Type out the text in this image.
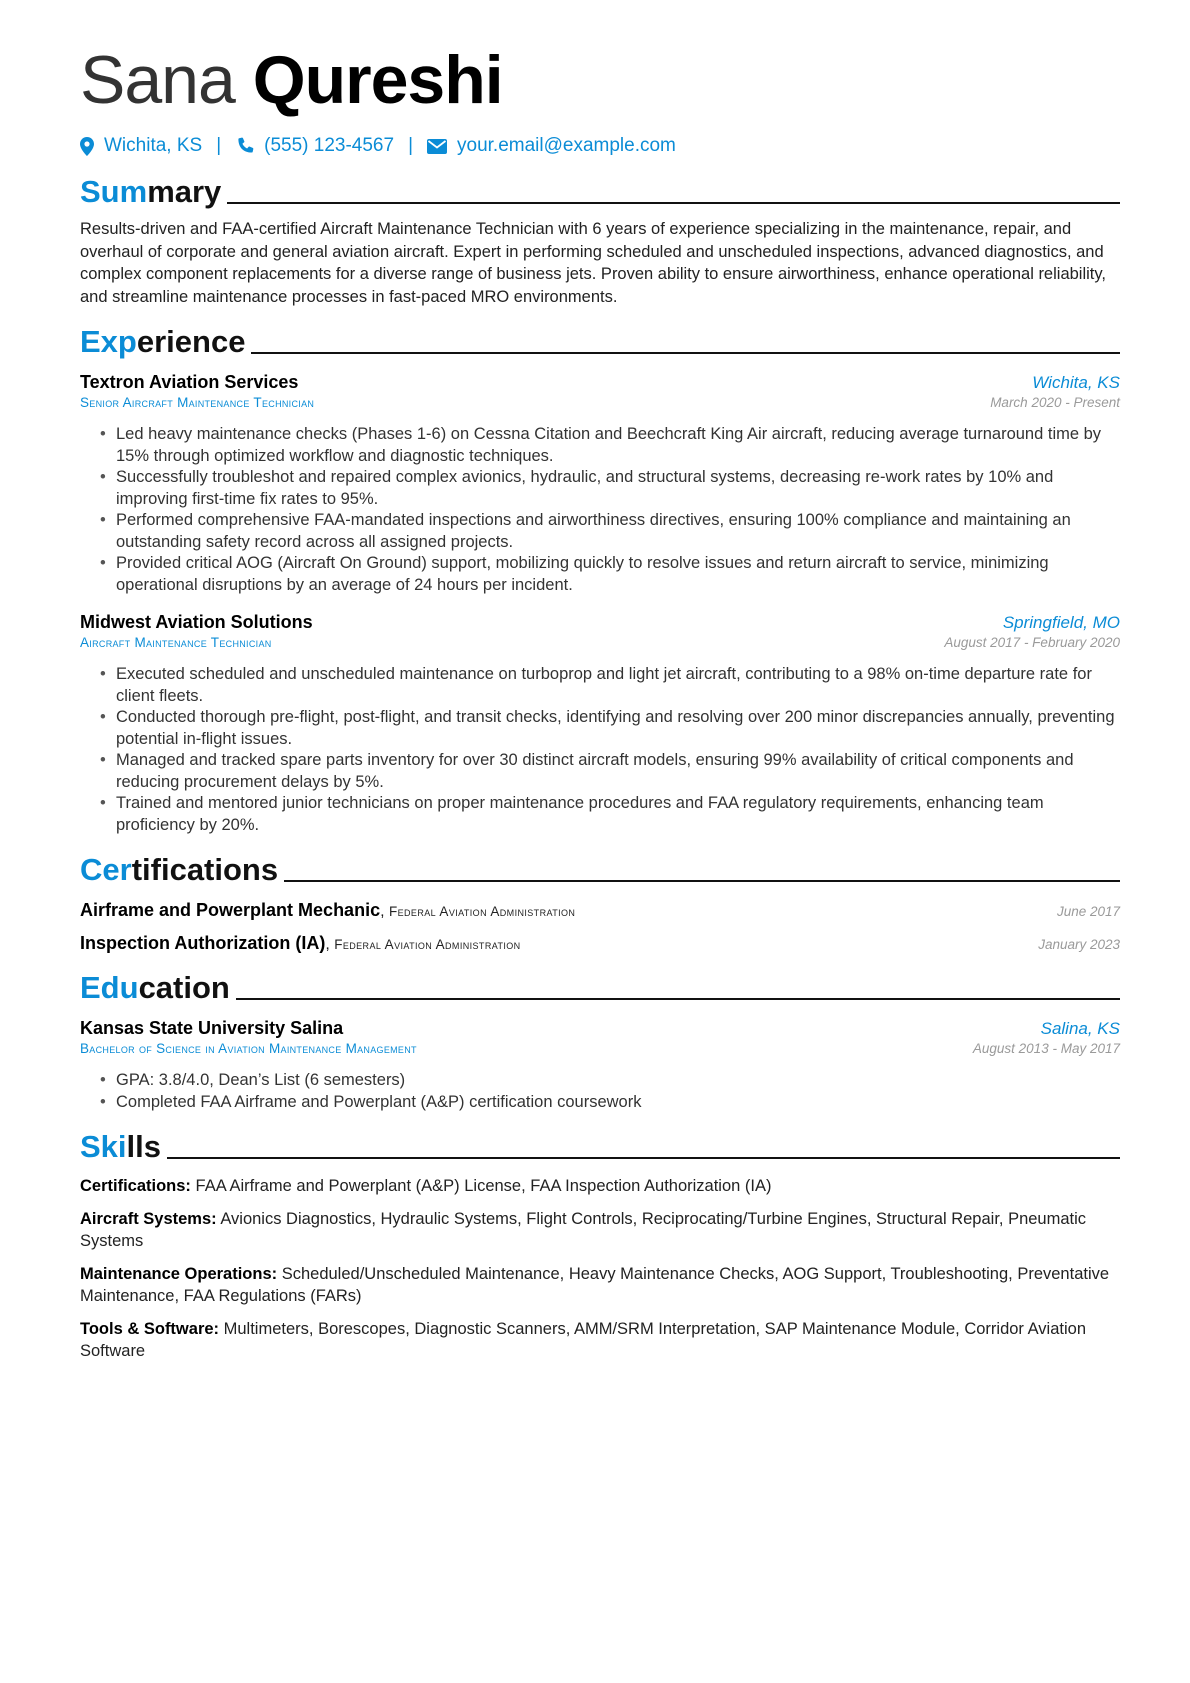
Sana Qureshi
Wichita, KS | (555) 123-4567 | your.email@example.com
Summary
Results-driven and FAA-certified Aircraft Maintenance Technician with 6 years of experience specializing in the maintenance, repair, and overhaul of corporate and general aviation aircraft. Expert in performing scheduled and unscheduled inspections, advanced diagnostics, and complex component replacements for a diverse range of business jets. Proven ability to ensure airworthiness, enhance operational reliability, and streamline maintenance processes in fast-paced MRO environments.
Experience
Textron Aviation Services	Wichita, KS
Senior Aircraft Maintenance Technician	March 2020 - Present
• Led heavy maintenance checks (Phases 1-6) on Cessna Citation and Beechcraft King Air aircraft, reducing average turnaround time by 15% through optimized workflow and diagnostic techniques.
• Successfully troubleshot and repaired complex avionics, hydraulic, and structural systems, decreasing re-work rates by 10% and improving first-time fix rates to 95%.
• Performed comprehensive FAA-mandated inspections and airworthiness directives, ensuring 100% compliance and maintaining an outstanding safety record across all assigned projects.
• Provided critical AOG (Aircraft On Ground) support, mobilizing quickly to resolve issues and return aircraft to service, minimizing operational disruptions by an average of 24 hours per incident.
Midwest Aviation Solutions	Springfield, MO
Aircraft Maintenance Technician	August 2017 - February 2020
• Executed scheduled and unscheduled maintenance on turboprop and light jet aircraft, contributing to a 98% on-time departure rate for client fleets.
• Conducted thorough pre-flight, post-flight, and transit checks, identifying and resolving over 200 minor discrepancies annually, preventing potential in-flight issues.
• Managed and tracked spare parts inventory for over 30 distinct aircraft models, ensuring 99% availability of critical components and reducing procurement delays by 5%.
• Trained and mentored junior technicians on proper maintenance procedures and FAA regulatory requirements, enhancing team proficiency by 20%.
Certifications
Airframe and Powerplant Mechanic, Federal Aviation Administration	June 2017
Inspection Authorization (IA), Federal Aviation Administration	January 2023
Education
Kansas State University Salina	Salina, KS
Bachelor of Science in Aviation Maintenance Management	August 2013 - May 2017
• GPA: 3.8/4.0, Dean’s List (6 semesters)
• Completed FAA Airframe and Powerplant (A&P) certification coursework
Skills
Certifications: FAA Airframe and Powerplant (A&P) License, FAA Inspection Authorization (IA)
Aircraft Systems: Avionics Diagnostics, Hydraulic Systems, Flight Controls, Reciprocating/Turbine Engines, Structural Repair, Pneumatic Systems
Maintenance Operations: Scheduled/Unscheduled Maintenance, Heavy Maintenance Checks, AOG Support, Troubleshooting, Preventative Maintenance, FAA Regulations (FARs)
Tools & Software: Multimeters, Borescopes, Diagnostic Scanners, AMM/SRM Interpretation, SAP Maintenance Module, Corridor Aviation Software
